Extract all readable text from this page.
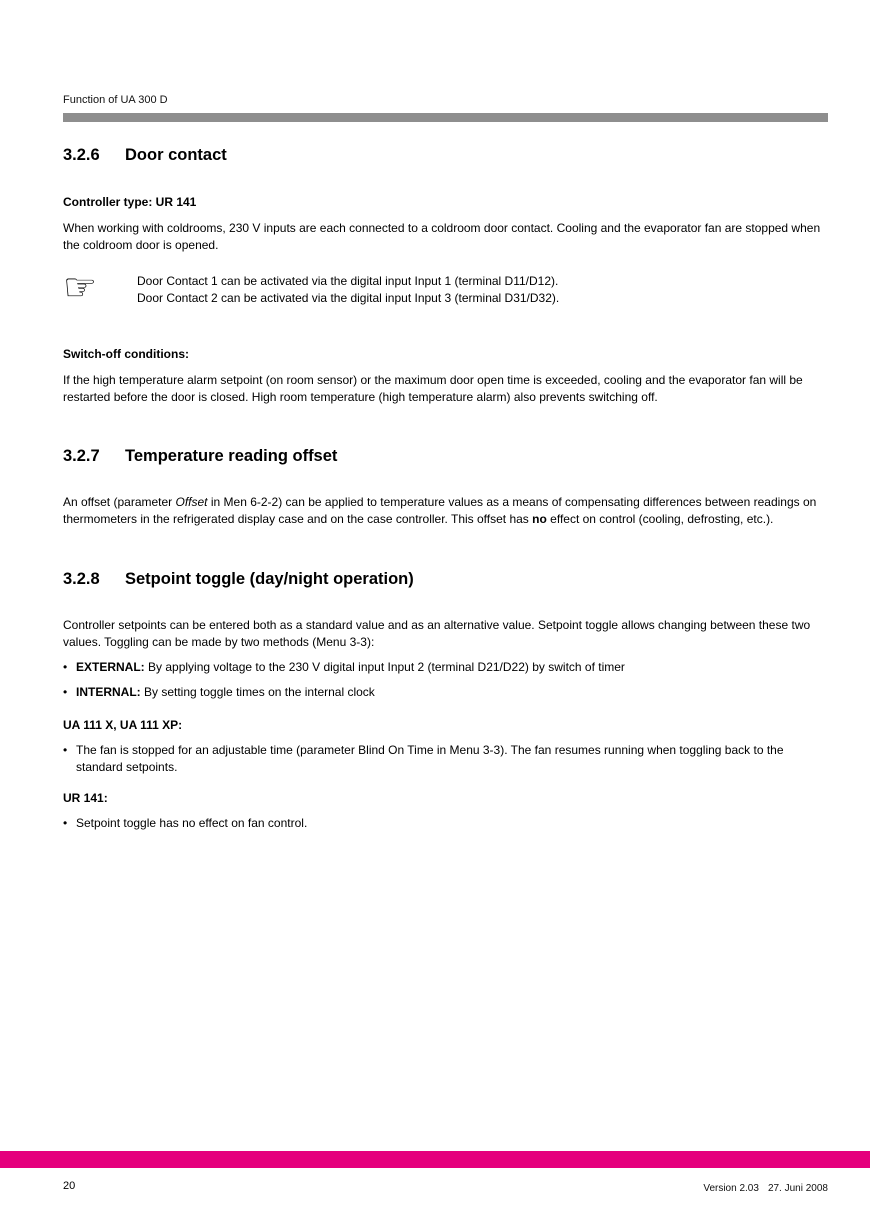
Function of UA 300 D
3.2.6	Door contact
Controller type: UR 141

When working with coldrooms, 230 V inputs are each connected to a coldroom door contact. Cooling and the evaporator fan are stopped when the coldroom door is opened.

☞	Door Contact 1 can be activated via the digital input Input 1 (terminal D11/D12).
Door Contact 2 can be activated via the digital input Input 3 (terminal D31/D32).
Switch-off conditions:

If the high temperature alarm setpoint (on room sensor) or the maximum door open time is exceeded, cooling and the evaporator fan will be restarted before the door is closed. High room temperature (high temperature alarm) also prevents switching off.

3.2.7	Temperature reading offset

An offset (parameter Offset in Men 6-2-2) can be applied to temperature values as a means of compensating differences between readings on thermometers in the refrigerated display case and on the case controller. This offset has no effect on control (cooling, defrosting, etc.).

3.2.8	Setpoint toggle (day/night operation)

Controller setpoints can be entered both as a standard value and as an alternative value. Setpoint toggle allows changing between these two values. Toggling can be made by two methods (Menu 3-3):

• EXTERNAL: By applying voltage to the 230 V digital input Input 2 (terminal D21/D22) by switch of timer
• INTERNAL: By setting toggle times on the internal clock
UA 111 X, UA 111 XP:
• The fan is stopped for an adjustable time (parameter Blind On Time in Menu 3-3). The fan resumes running when toggling back to the standard setpoints.
UR 141:
• Setpoint toggle has no effect on fan control.
20	Version 2.03 27. Juni 2008
